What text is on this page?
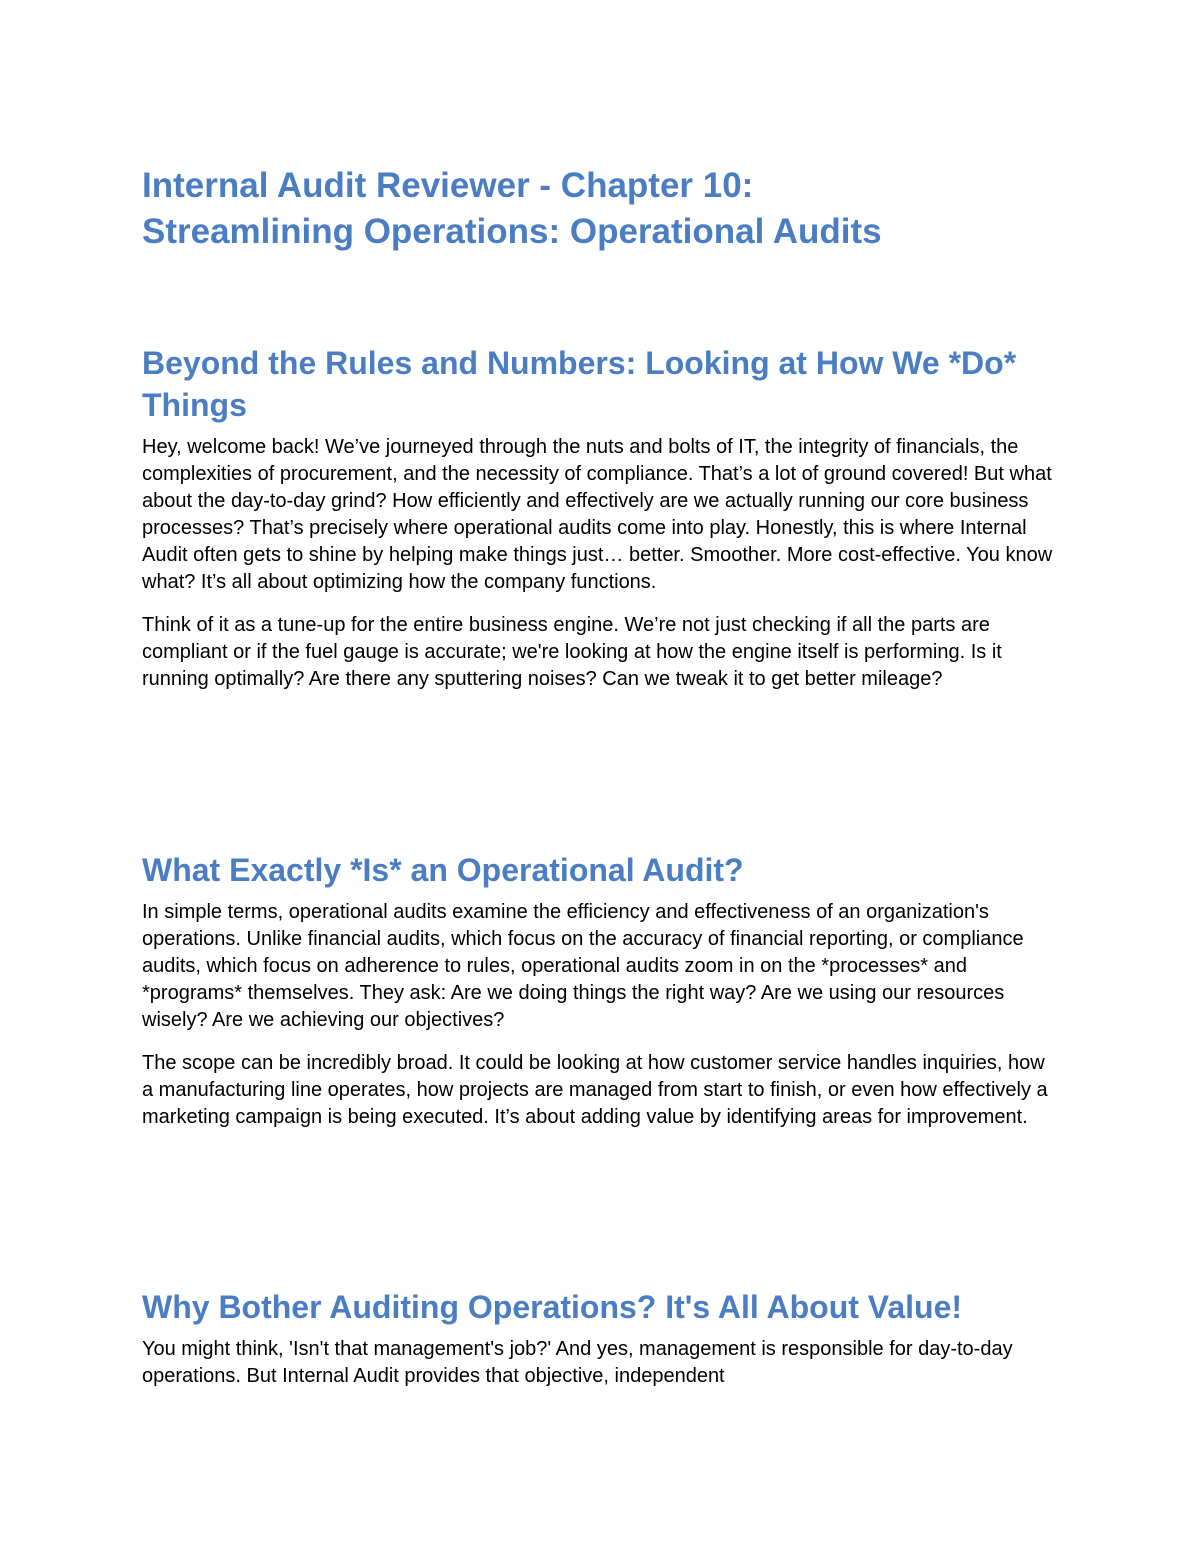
Internal Audit Reviewer - Chapter 10:
Streamlining Operations: Operational Audits
Beyond the Rules and Numbers: Looking at How We *Do* Things

Hey, welcome back! We’ve journeyed through the nuts and bolts of IT, the integrity of financials, the complexities of procurement, and the necessity of compliance. That’s a lot of ground covered! But what about the day-to-day grind? How efficiently and effectively are we actually running our core business processes? That’s precisely where operational audits come into play. Honestly, this is where Internal Audit often gets to shine by helping make things just… better. Smoother. More cost-effective. You know what? It’s all about optimizing how the company functions.

Think of it as a tune-up for the entire business engine. We’re not just checking if all the parts are compliant or if the fuel gauge is accurate; we're looking at how the engine itself is performing. Is it running optimally? Are there any sputtering noises? Can we tweak it to get better mileage?

What Exactly *Is* an Operational Audit?

In simple terms, operational audits examine the efficiency and effectiveness of an organization's operations. Unlike financial audits, which focus on the accuracy of financial reporting, or compliance audits, which focus on adherence to rules, operational audits zoom in on the *processes* and *programs* themselves. They ask: Are we doing things the right way? Are we using our resources wisely? Are we achieving our objectives?

The scope can be incredibly broad. It could be looking at how customer service handles inquiries, how a manufacturing line operates, how projects are managed from start to finish, or even how effectively a marketing campaign is being executed. It’s about adding value by identifying areas for improvement.

Why Bother Auditing Operations? It's All About Value!

You might think, 'Isn't that management's job?' And yes, management is responsible for day-to-day operations. But Internal Audit provides that objective, independent
